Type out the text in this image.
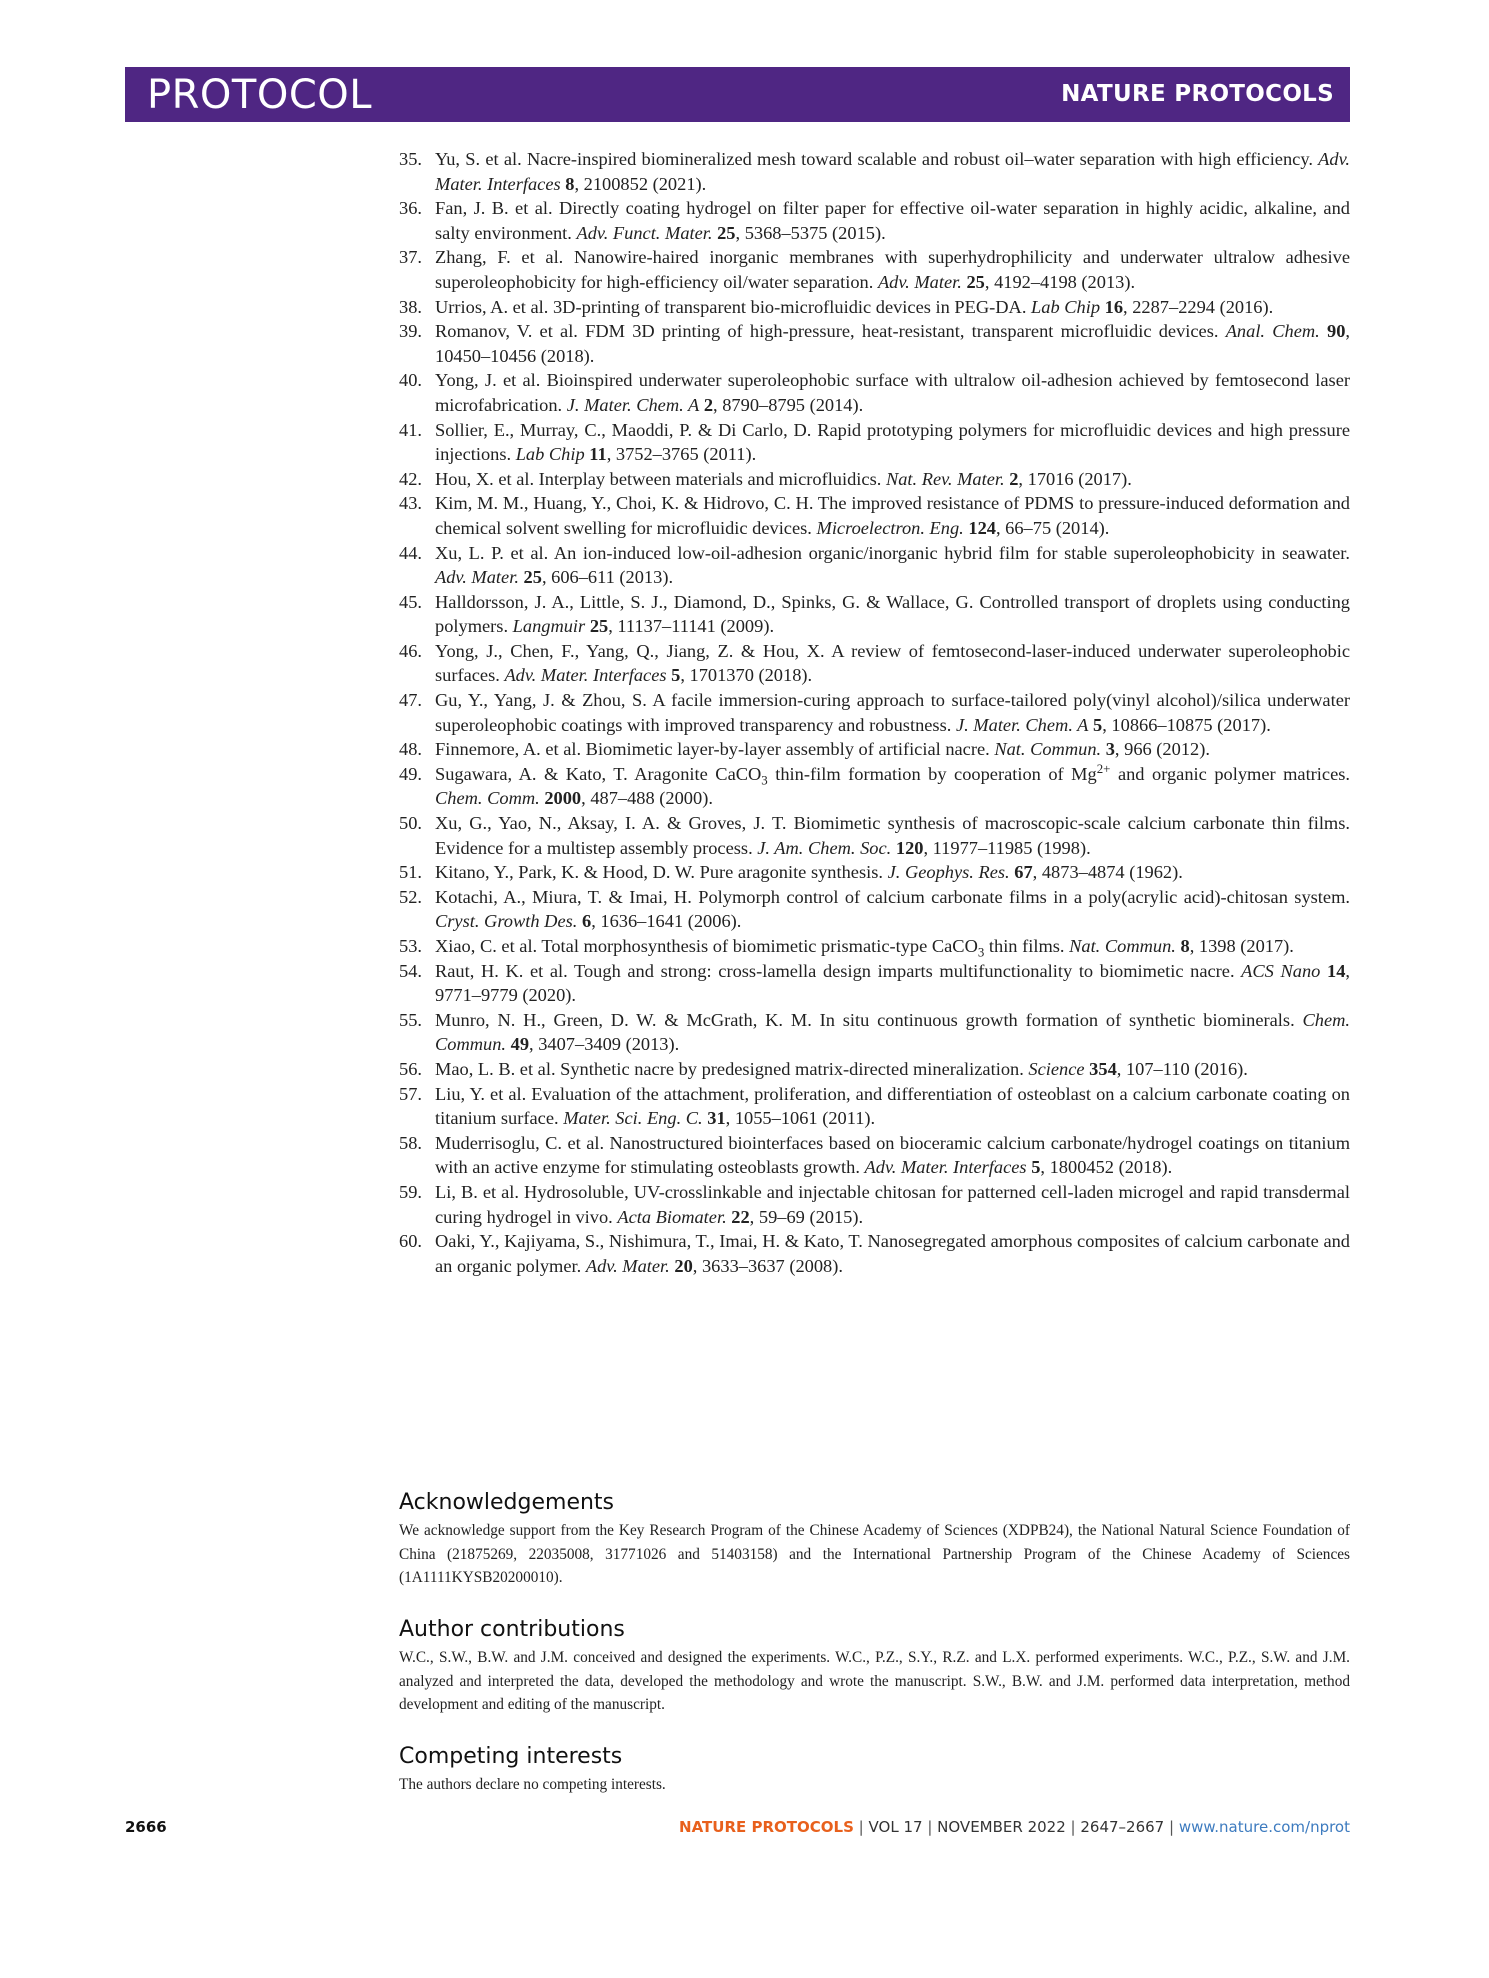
PROTOCOL	NATURE PROTOCOLS
35. Yu, S. et al. Nacre-inspired biomineralized mesh toward scalable and robust oil–water separation with high efficiency. Adv. Mater. Interfaces 8, 2100852 (2021).
36. Fan, J. B. et al. Directly coating hydrogel on filter paper for effective oil-water separation in highly acidic, alkaline, and salty environment. Adv. Funct. Mater. 25, 5368–5375 (2015).
37. Zhang, F. et al. Nanowire-haired inorganic membranes with superhydrophilicity and underwater ultralow adhesive superoleophobicity for high-efficiency oil/water separation. Adv. Mater. 25, 4192–4198 (2013).
38. Urrios, A. et al. 3D-printing of transparent bio-microfluidic devices in PEG-DA. Lab Chip 16, 2287–2294 (2016).
39. Romanov, V. et al. FDM 3D printing of high-pressure, heat-resistant, transparent microfluidic devices. Anal. Chem. 90, 10450–10456 (2018).
40. Yong, J. et al. Bioinspired underwater superoleophobic surface with ultralow oil-adhesion achieved by femtosecond laser microfabrication. J. Mater. Chem. A 2, 8790–8795 (2014).
41. Sollier, E., Murray, C., Maoddi, P. & Di Carlo, D. Rapid prototyping polymers for microfluidic devices and high pressure injections. Lab Chip 11, 3752–3765 (2011).
42. Hou, X. et al. Interplay between materials and microfluidics. Nat. Rev. Mater. 2, 17016 (2017).
43. Kim, M. M., Huang, Y., Choi, K. & Hidrovo, C. H. The improved resistance of PDMS to pressure-induced deformation and chemical solvent swelling for microfluidic devices. Microelectron. Eng. 124, 66–75 (2014).
44. Xu, L. P. et al. An ion-induced low-oil-adhesion organic/inorganic hybrid film for stable superoleophobicity in seawater. Adv. Mater. 25, 606–611 (2013).
45. Halldorsson, J. A., Little, S. J., Diamond, D., Spinks, G. & Wallace, G. Controlled transport of droplets using conducting polymers. Langmuir 25, 11137–11141 (2009).
46. Yong, J., Chen, F., Yang, Q., Jiang, Z. & Hou, X. A review of femtosecond-laser-induced underwater superoleophobic surfaces. Adv. Mater. Interfaces 5, 1701370 (2018).
47. Gu, Y., Yang, J. & Zhou, S. A facile immersion-curing approach to surface-tailored poly(vinyl alcohol)/silica underwater superoleophobic coatings with improved transparency and robustness. J. Mater. Chem. A 5, 10866–10875 (2017).
48. Finnemore, A. et al. Biomimetic layer-by-layer assembly of artificial nacre. Nat. Commun. 3, 966 (2012).
49. Sugawara, A. & Kato, T. Aragonite CaCO$_3$ thin-film formation by cooperation of $Mg^{2+}$ and organic polymer matrices. Chem. Comm. 2000, 487–488 (2000).
50. Xu, G., Yao, N., Aksay, I. A. & Groves, J. T. Biomimetic synthesis of macroscopic-scale calcium carbonate thin films. Evidence for a multistep assembly process. J. Am. Chem. Soc. 120, 11977–11985 (1998).
51. Kitano, Y., Park, K. & Hood, D. W. Pure aragonite synthesis. J. Geophys. Res. 67, 4873–4874 (1962).
52. Kotachi, A., Miura, T. & Imai, H. Polymorph control of calcium carbonate films in a poly(acrylic acid)-chitosan system. Cryst. Growth Des. 6, 1636–1641 (2006).
53. Xiao, C. et al. Total morphosynthesis of biomimetic prismatic-type CaCO$_3$ thin films. Nat. Commun. 8, 1398 (2017).
54. Raut, H. K. et al. Tough and strong: cross-lamella design imparts multifunctionality to biomimetic nacre. ACS Nano 14, 9771–9779 (2020).
55. Munro, N. H., Green, D. W. & McGrath, K. M. In situ continuous growth formation of synthetic biominerals. Chem. Commun. 49, 3407–3409 (2013).
56. Mao, L. B. et al. Synthetic nacre by predesigned matrix-directed mineralization. Science 354, 107–110 (2016).
57. Liu, Y. et al. Evaluation of the attachment, proliferation, and differentiation of osteoblast on a calcium carbonate coating on titanium surface. Mater. Sci. Eng. C. 31, 1055–1061 (2011).
58. Muderrisoglu, C. et al. Nanostructured biointerfaces based on bioceramic calcium carbonate/hydrogel coatings on titanium with an active enzyme for stimulating osteoblasts growth. Adv. Mater. Interfaces 5, 1800452 (2018).
59. Li, B. et al. Hydrosoluble, UV-crosslinkable and injectable chitosan for patterned cell-laden microgel and rapid transdermal curing hydrogel in vivo. Acta Biomater. 22, 59–69 (2015).
60. Oaki, Y., Kajiyama, S., Nishimura, T., Imai, H. & Kato, T. Nanosegregated amorphous composites of calcium carbonate and an organic polymer. Adv. Mater. 20, 3633–3637 (2008).
Acknowledgements
We acknowledge support from the Key Research Program of the Chinese Academy of Sciences (XDPB24), the National Natural Science Foundation of China (21875269, 22035008, 31771026 and 51403158) and the International Partnership Program of the Chinese Academy of Sciences (1A1111KYSB20200010).
Author contributions
W.C., S.W., B.W. and J.M. conceived and designed the experiments. W.C., P.Z., S.Y., R.Z. and L.X. performed experiments. W.C., P.Z., S.W. and J.M. analyzed and interpreted the data, developed the methodology and wrote the manuscript. S.W., B.W. and J.M. performed data interpretation, method development and editing of the manuscript.
Competing interests
The authors declare no competing interests.
2666	NATURE PROTOCOLS | VOL 17 | NOVEMBER 2022 | 2647–2667 | www.nature.com/nprot
